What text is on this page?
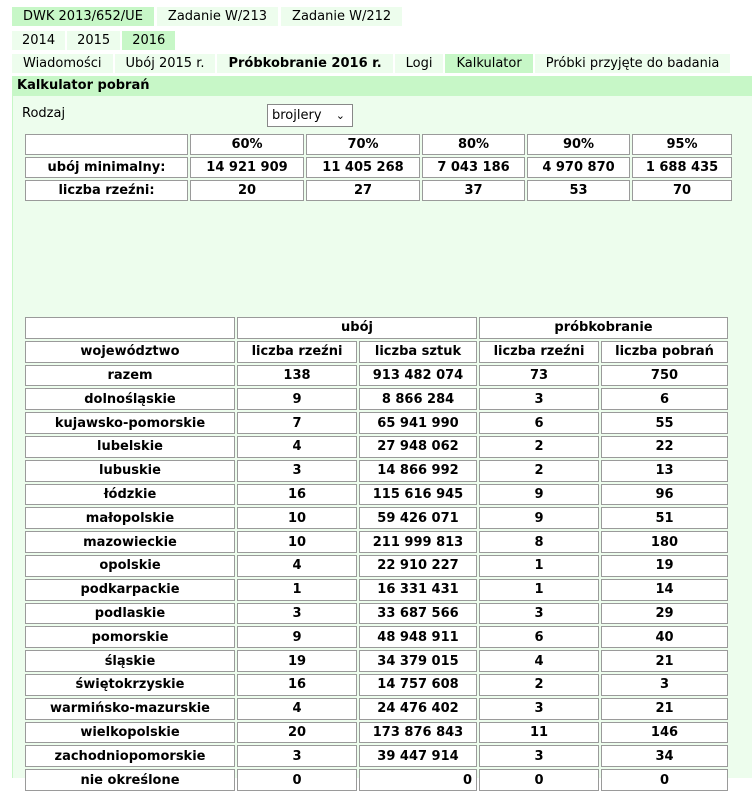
DWK 2013/652/UE	Zadanie W/213	Zadanie W/212
2014	2015	2016
Wiadomości	Ubój 2015 r.	Próbkobranie 2016 r.	Logi	Kalkulator	Próbki przyjęte do badania
Kalkulator pobrań
Rodzaj	brojlery ⌄
	60%	70%	80%	90%	95%
ubój minimalny:	14 921 909	11 405 268	7 043 186	4 970 870	1 688 435
liczba rzeźni:	20	27	37	53	70
	ubój		próbkobranie	
województwo	liczba rzeźni	liczba sztuk	liczba rzeźni	liczba pobrań
razem	138	913 482 074	73	750
dolnośląskie	9	8 866 284	3	6
kujawsko-pomorskie	7	65 941 990	6	55
lubelskie	4	27 948 062	2	22
lubuskie	3	14 866 992	2	13
łódzkie	16	115 616 945	9	96
małopolskie	10	59 426 071	9	51
mazowieckie	10	211 999 813	8	180
opolskie	4	22 910 227	1	19
podkarpackie	1	16 331 431	1	14
podlaskie	3	33 687 566	3	29
pomorskie	9	48 948 911	6	40
śląskie	19	34 379 015	4	21
świętokrzyskie	16	14 757 608	2	3
warmińsko-mazurskie	4	24 476 402	3	21
wielkopolskie	20	173 876 843	11	146
zachodniopomorskie	3	39 447 914	3	34
nie określone	0	0	0	0
